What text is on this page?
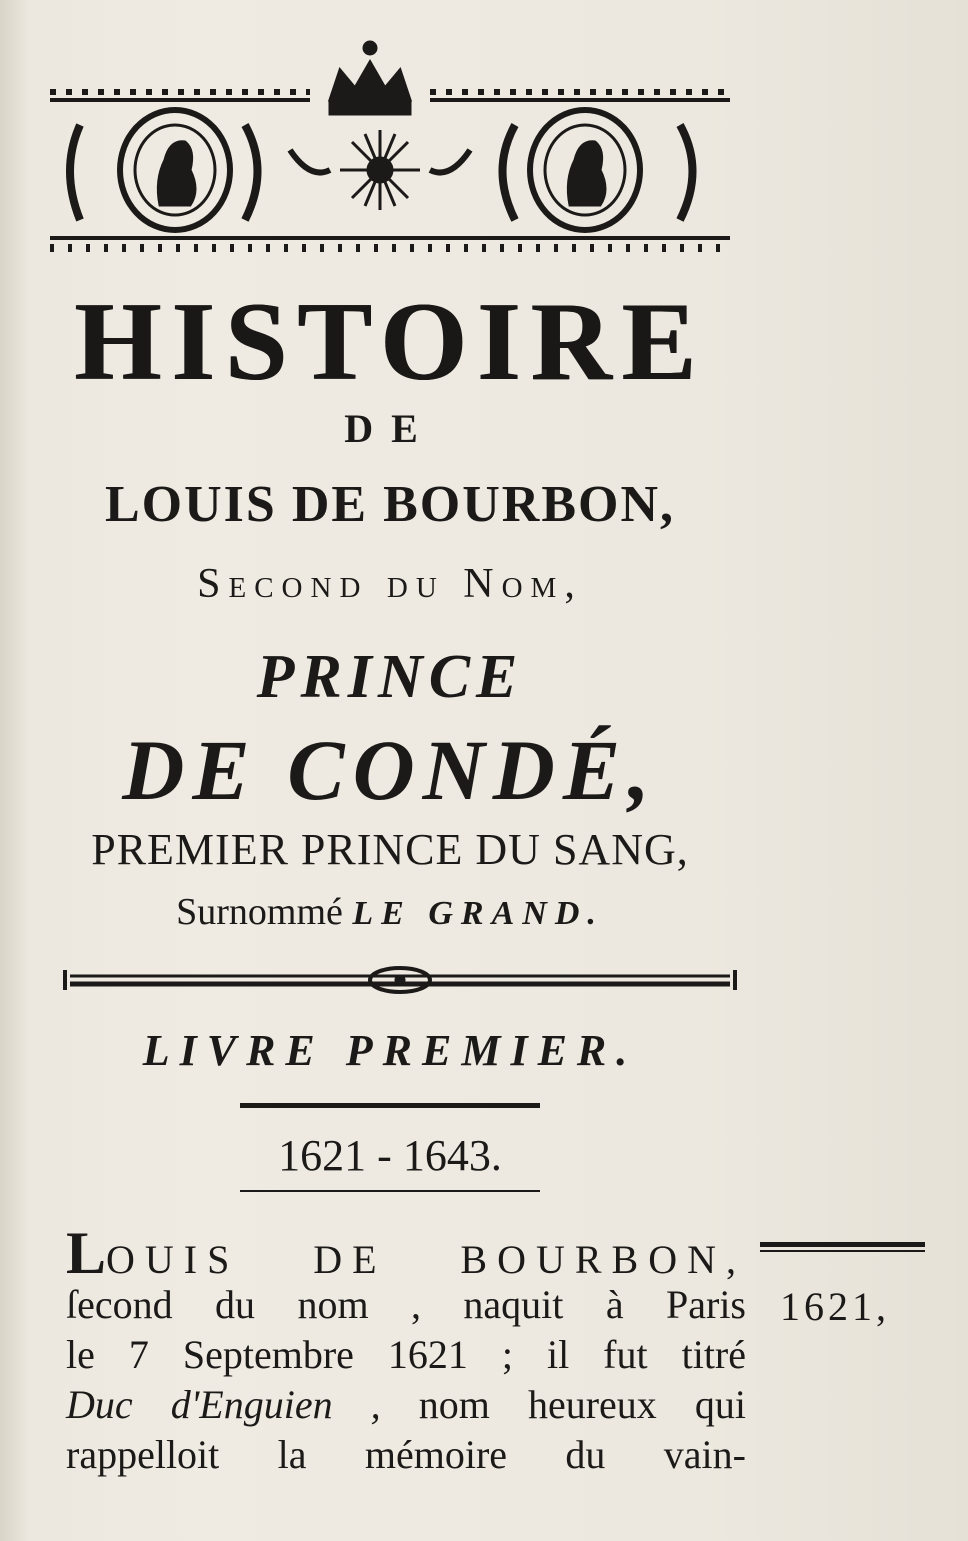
HISTOIRE
DE
LOUIS DE BOURBON,
Second du Nom,
PRINCE
DE CONDÉ,
PREMIER PRINCE DU SANG,
Surnommé LE GRAND.
LIVRE PREMIER.
1621 - 1643.
LOUIS DE BOURBON,
ſecond du nom , naquit à Paris
le 7 Septembre 1621 ; il fut titré
Duc d'Enguien , nom heureux qui
rappelloit la mémoire du vain-
1621,
